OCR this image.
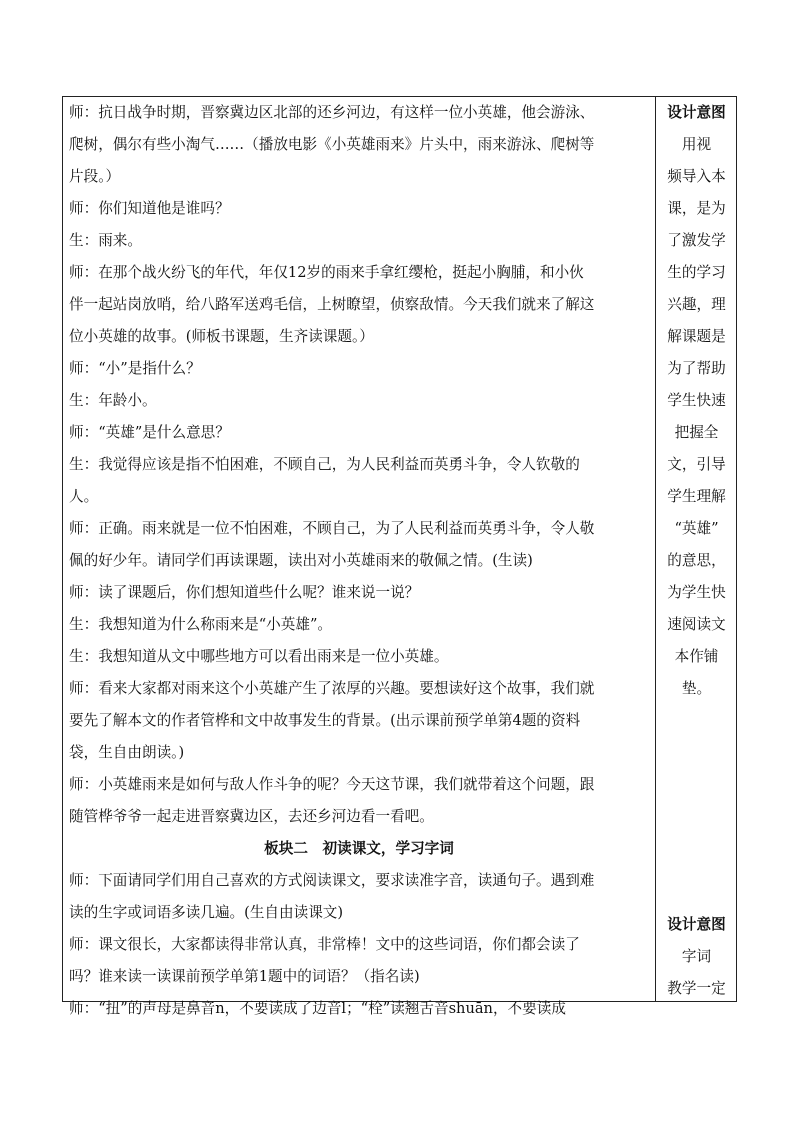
师：抗日战争时期，晋察冀边区北部的还乡河边，有这样一位小英雄，他会游泳、
爬树，偶尔有些小淘气……（播放电影《小英雄雨来》片头中，雨来游泳、爬树等
片段。）
师：你们知道他是谁吗？
生：雨来。
师：在那个战火纷飞的年代，年仅12岁的雨来手拿红缨枪，挺起小胸脯，和小伙
伴一起站岗放哨，给八路军送鸡毛信，上树瞭望，侦察敌情。今天我们就来了解这
位小英雄的故事。(师板书课题，生齐读课题。）
师：“小”是指什么？
生：年龄小。
师：“英雄”是什么意思？
生：我觉得应该是指不怕困难，不顾自己，为人民利益而英勇斗争，令人钦敬的
人。
师：正确。雨来就是一位不怕困难，不顾自己，为了人民利益而英勇斗争，令人敬
佩的好少年。请同学们再读课题，读出对小英雄雨来的敬佩之情。(生读)
师：读了课题后，你们想知道些什么呢？谁来说一说？
生：我想知道为什么称雨来是“小英雄”。
生：我想知道从文中哪些地方可以看出雨来是一位小英雄。
师：看来大家都对雨来这个小英雄产生了浓厚的兴趣。要想读好这个故事，我们就
要先了解本文的作者管桦和文中故事发生的背景。(出示课前预学单第4题的资料
袋，生自由朗读。)
师：小英雄雨来是如何与敌人作斗争的呢？今天这节课，我们就带着这个问题，跟
随管桦爷爷一起走进晋察冀边区，去还乡河边看一看吧。
板块二　初读课文，学习字词
师：下面请同学们用自己喜欢的方式阅读课文，要求读准字音，读通句子。遇到难
读的生字或词语多读几遍。(生自由读课文)
师：课文很长，大家都读得非常认真，非常棒！文中的这些词语，你们都会读了
吗？谁来读一读课前预学单第1题中的词语？（指名读)
师：“扭”的声母是鼻音n，不要读成了边音l；“栓”读翘舌音shuān，不要读成
设计意图
用视
频导入本
课，是为
了激发学
生的学习
兴趣，理
解课题是
为了帮助
学生快速
把握全
文，引导
学生理解
“英雄”
的意思，
为学生快
速阅读文
本作铺
垫。
设计意图
字词
教学一定
